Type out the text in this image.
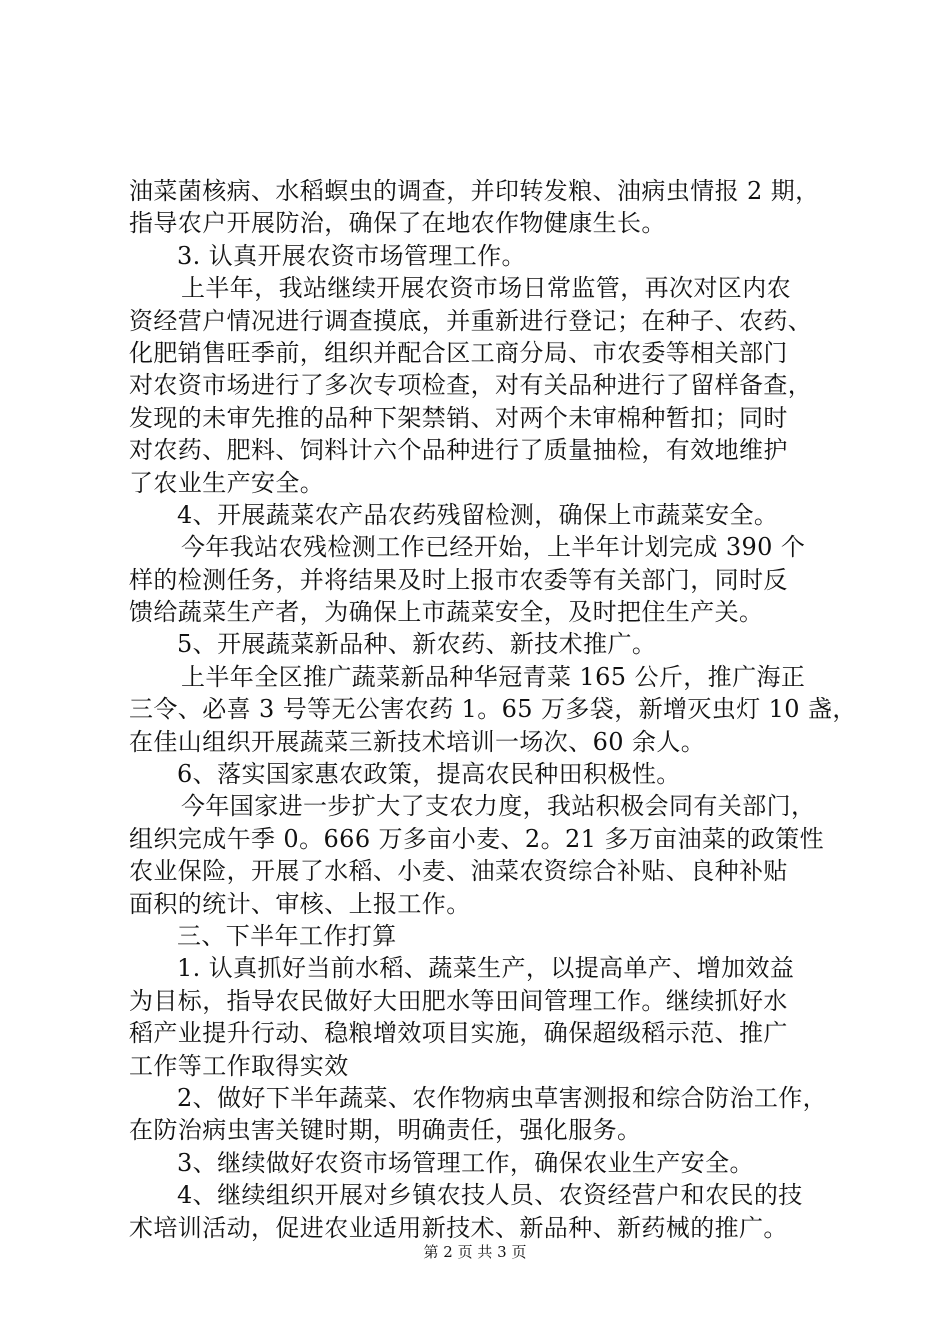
油菜菌核病、水稻螟虫的调查，并印转发粮、油病虫情报 2 期，
指导农户开展防治，确保了在地农作物健康生长。
3. 认真开展农资市场管理工作。
上半年，我站继续开展农资市场日常监管，再次对区内农
资经营户情况进行调查摸底，并重新进行登记；在种子、农药、
化肥销售旺季前，组织并配合区工商分局、市农委等相关部门
对农资市场进行了多次专项检查，对有关品种进行了留样备查，
发现的未审先推的品种下架禁销、对两个未审棉种暂扣；同时
对农药、肥料、饲料计六个品种进行了质量抽检，有效地维护
了农业生产安全。
4、开展蔬菜农产品农药残留检测，确保上市蔬菜安全。
今年我站农残检测工作已经开始，上半年计划完成 390 个
样的检测任务，并将结果及时上报市农委等有关部门，同时反
馈给蔬菜生产者，为确保上市蔬菜安全，及时把住生产关。
5、开展蔬菜新品种、新农药、新技术推广。
上半年全区推广蔬菜新品种华冠青菜 165 公斤，推广海正
三令、必喜 3 号等无公害农药 1。65 万多袋，新增灭虫灯 10 盏，
在佳山组织开展蔬菜三新技术培训一场次、60 余人。
6、落实国家惠农政策，提高农民种田积极性。
今年国家进一步扩大了支农力度，我站积极会同有关部门，
组织完成午季 0。666 万多亩小麦、2。21 多万亩油菜的政策性
农业保险，开展了水稻、小麦、油菜农资综合补贴、良种补贴
面积的统计、审核、上报工作。
三、下半年工作打算
1. 认真抓好当前水稻、蔬菜生产，以提高单产、增加效益
为目标，指导农民做好大田肥水等田间管理工作。继续抓好水
稻产业提升行动、稳粮增效项目实施，确保超级稻示范、推广
工作等工作取得实效
2、做好下半年蔬菜、农作物病虫草害测报和综合防治工作，
在防治病虫害关键时期，明确责任，强化服务。
3、继续做好农资市场管理工作，确保农业生产安全。
4、继续组织开展对乡镇农技人员、农资经营户和农民的技
术培训活动，促进农业适用新技术、新品种、新药械的推广。
第 2 页 共 3 页
